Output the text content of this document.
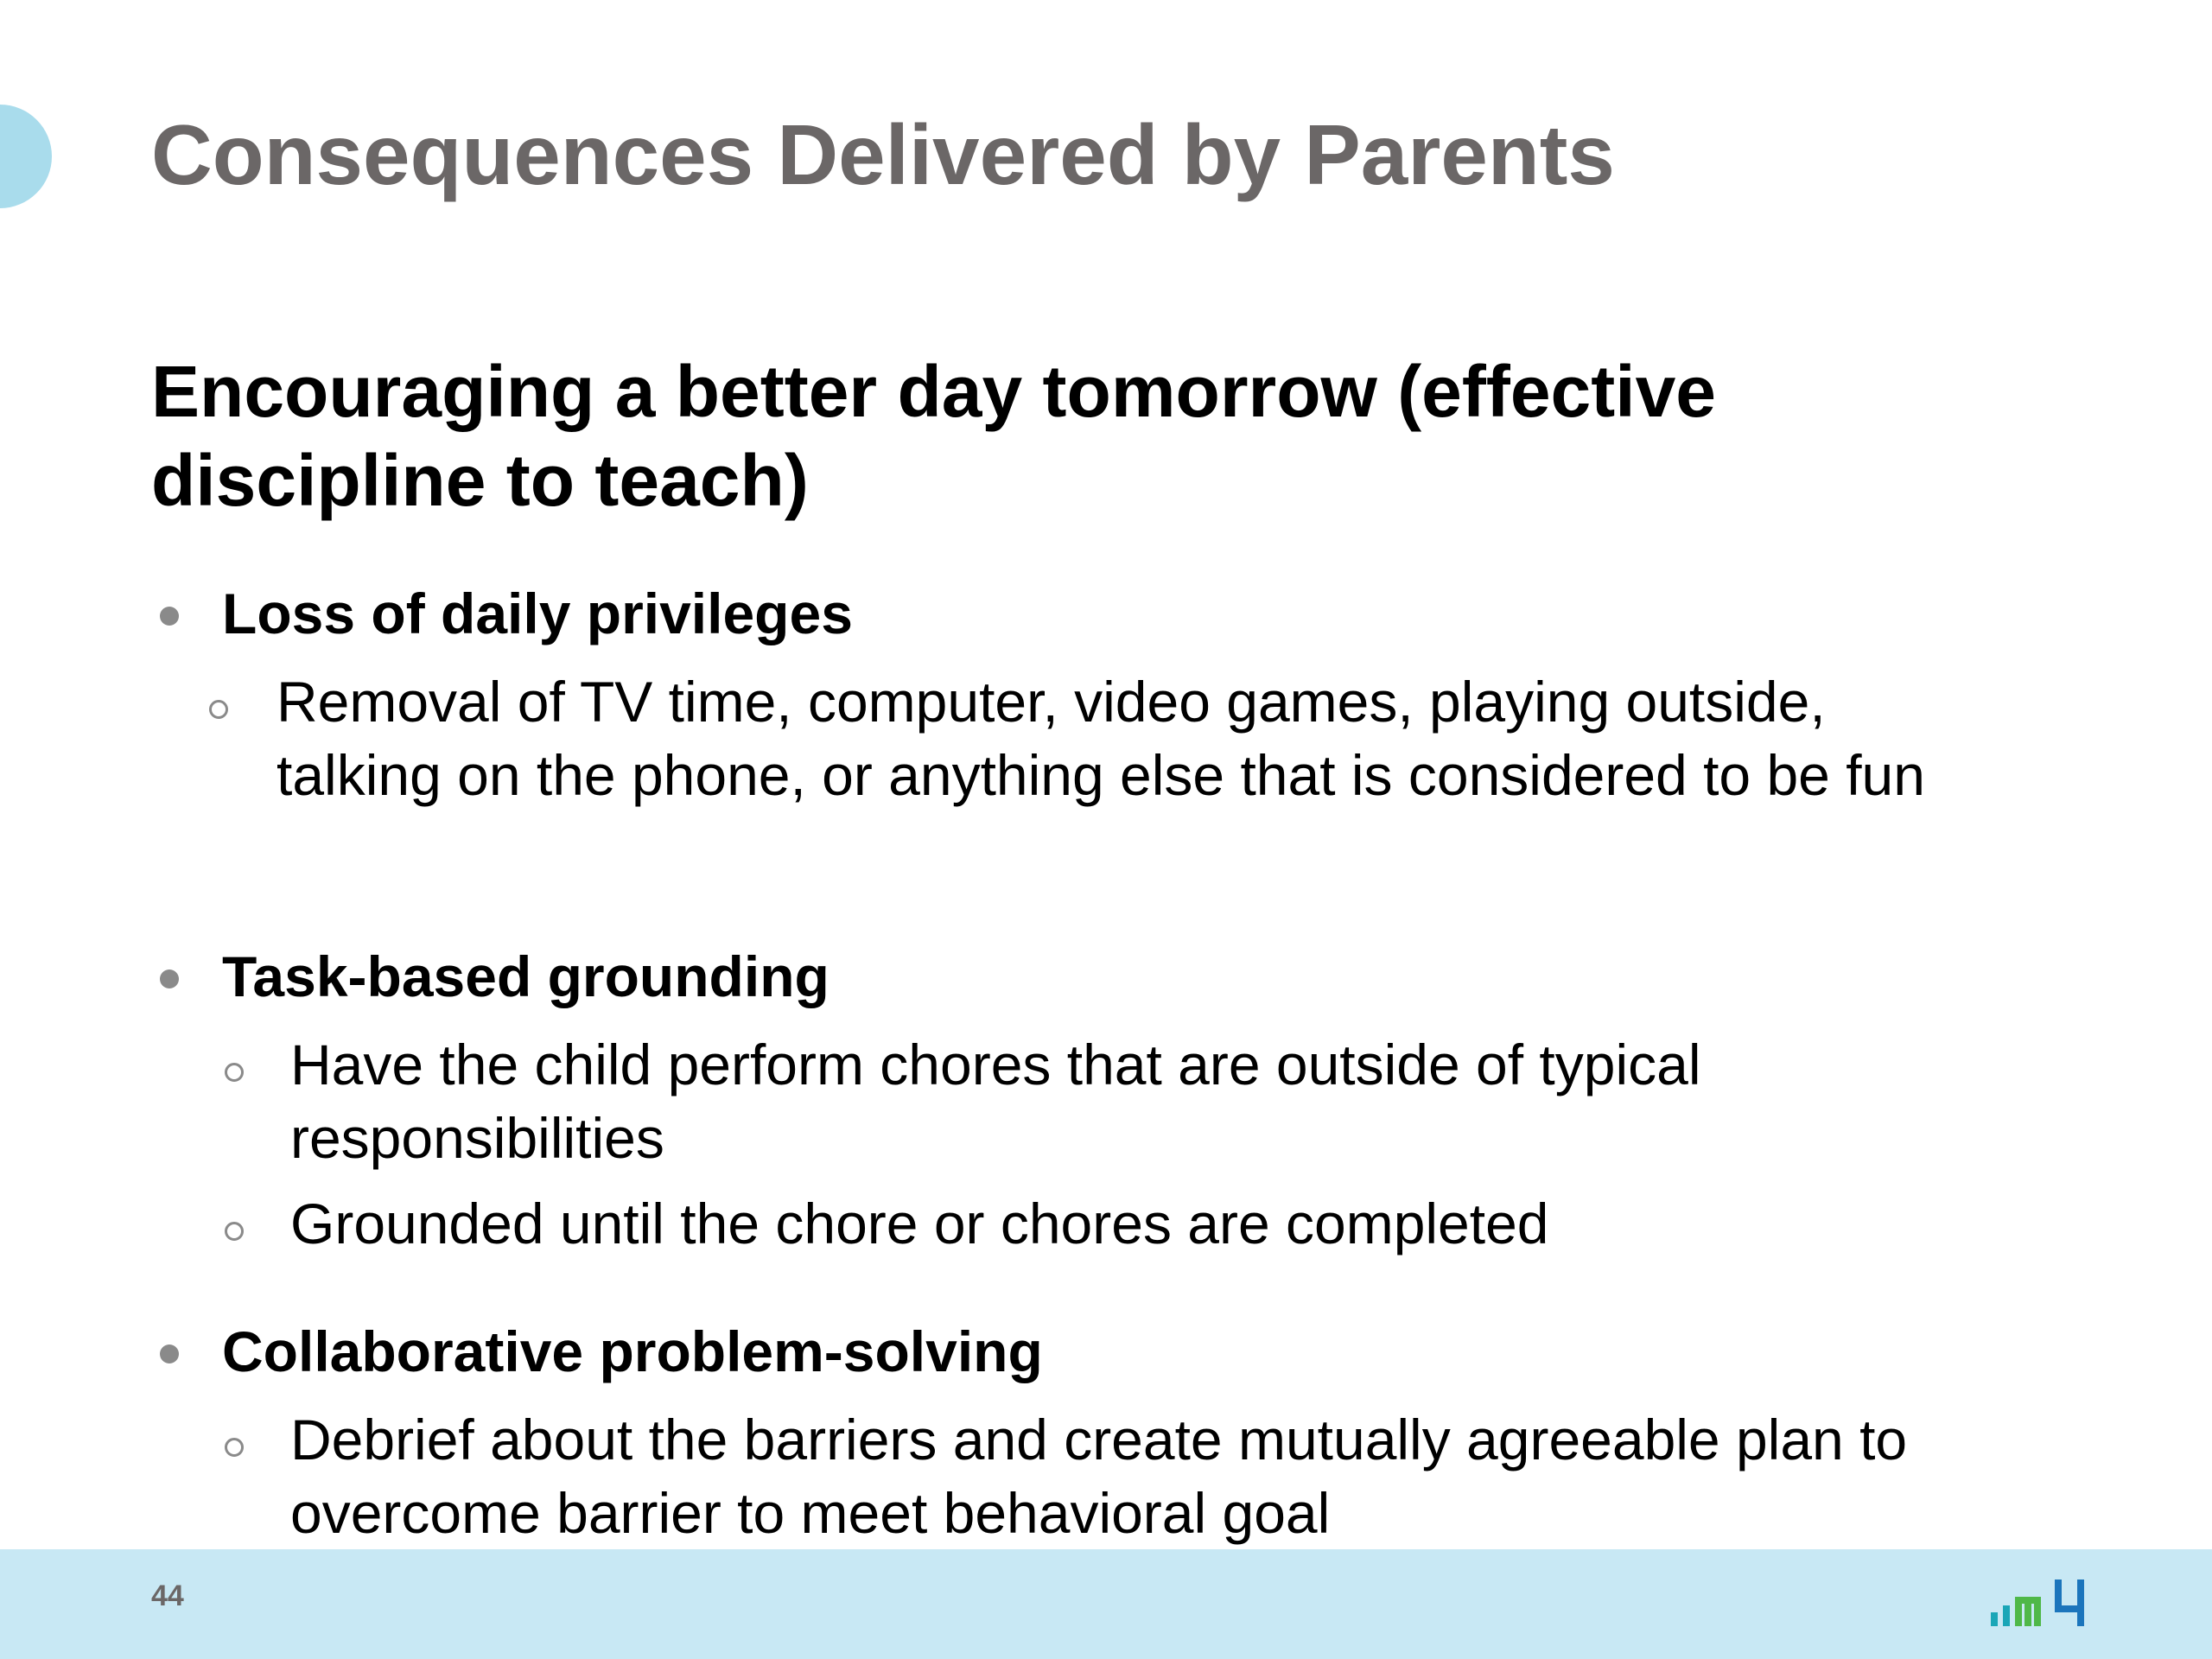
Consequences Delivered by Parents
Encouraging a better day tomorrow (effective discipline to teach)
Loss of daily privileges
Removal of TV time, computer, video games, playing outside, talking on the phone, or anything else that is considered to be fun
Task-based grounding
Have the child perform chores that are outside of typical responsibilities
Grounded until the chore or chores are completed
Collaborative problem-solving
Debrief about the barriers and create mutually agreeable plan to overcome barrier to meet behavioral goal
44
